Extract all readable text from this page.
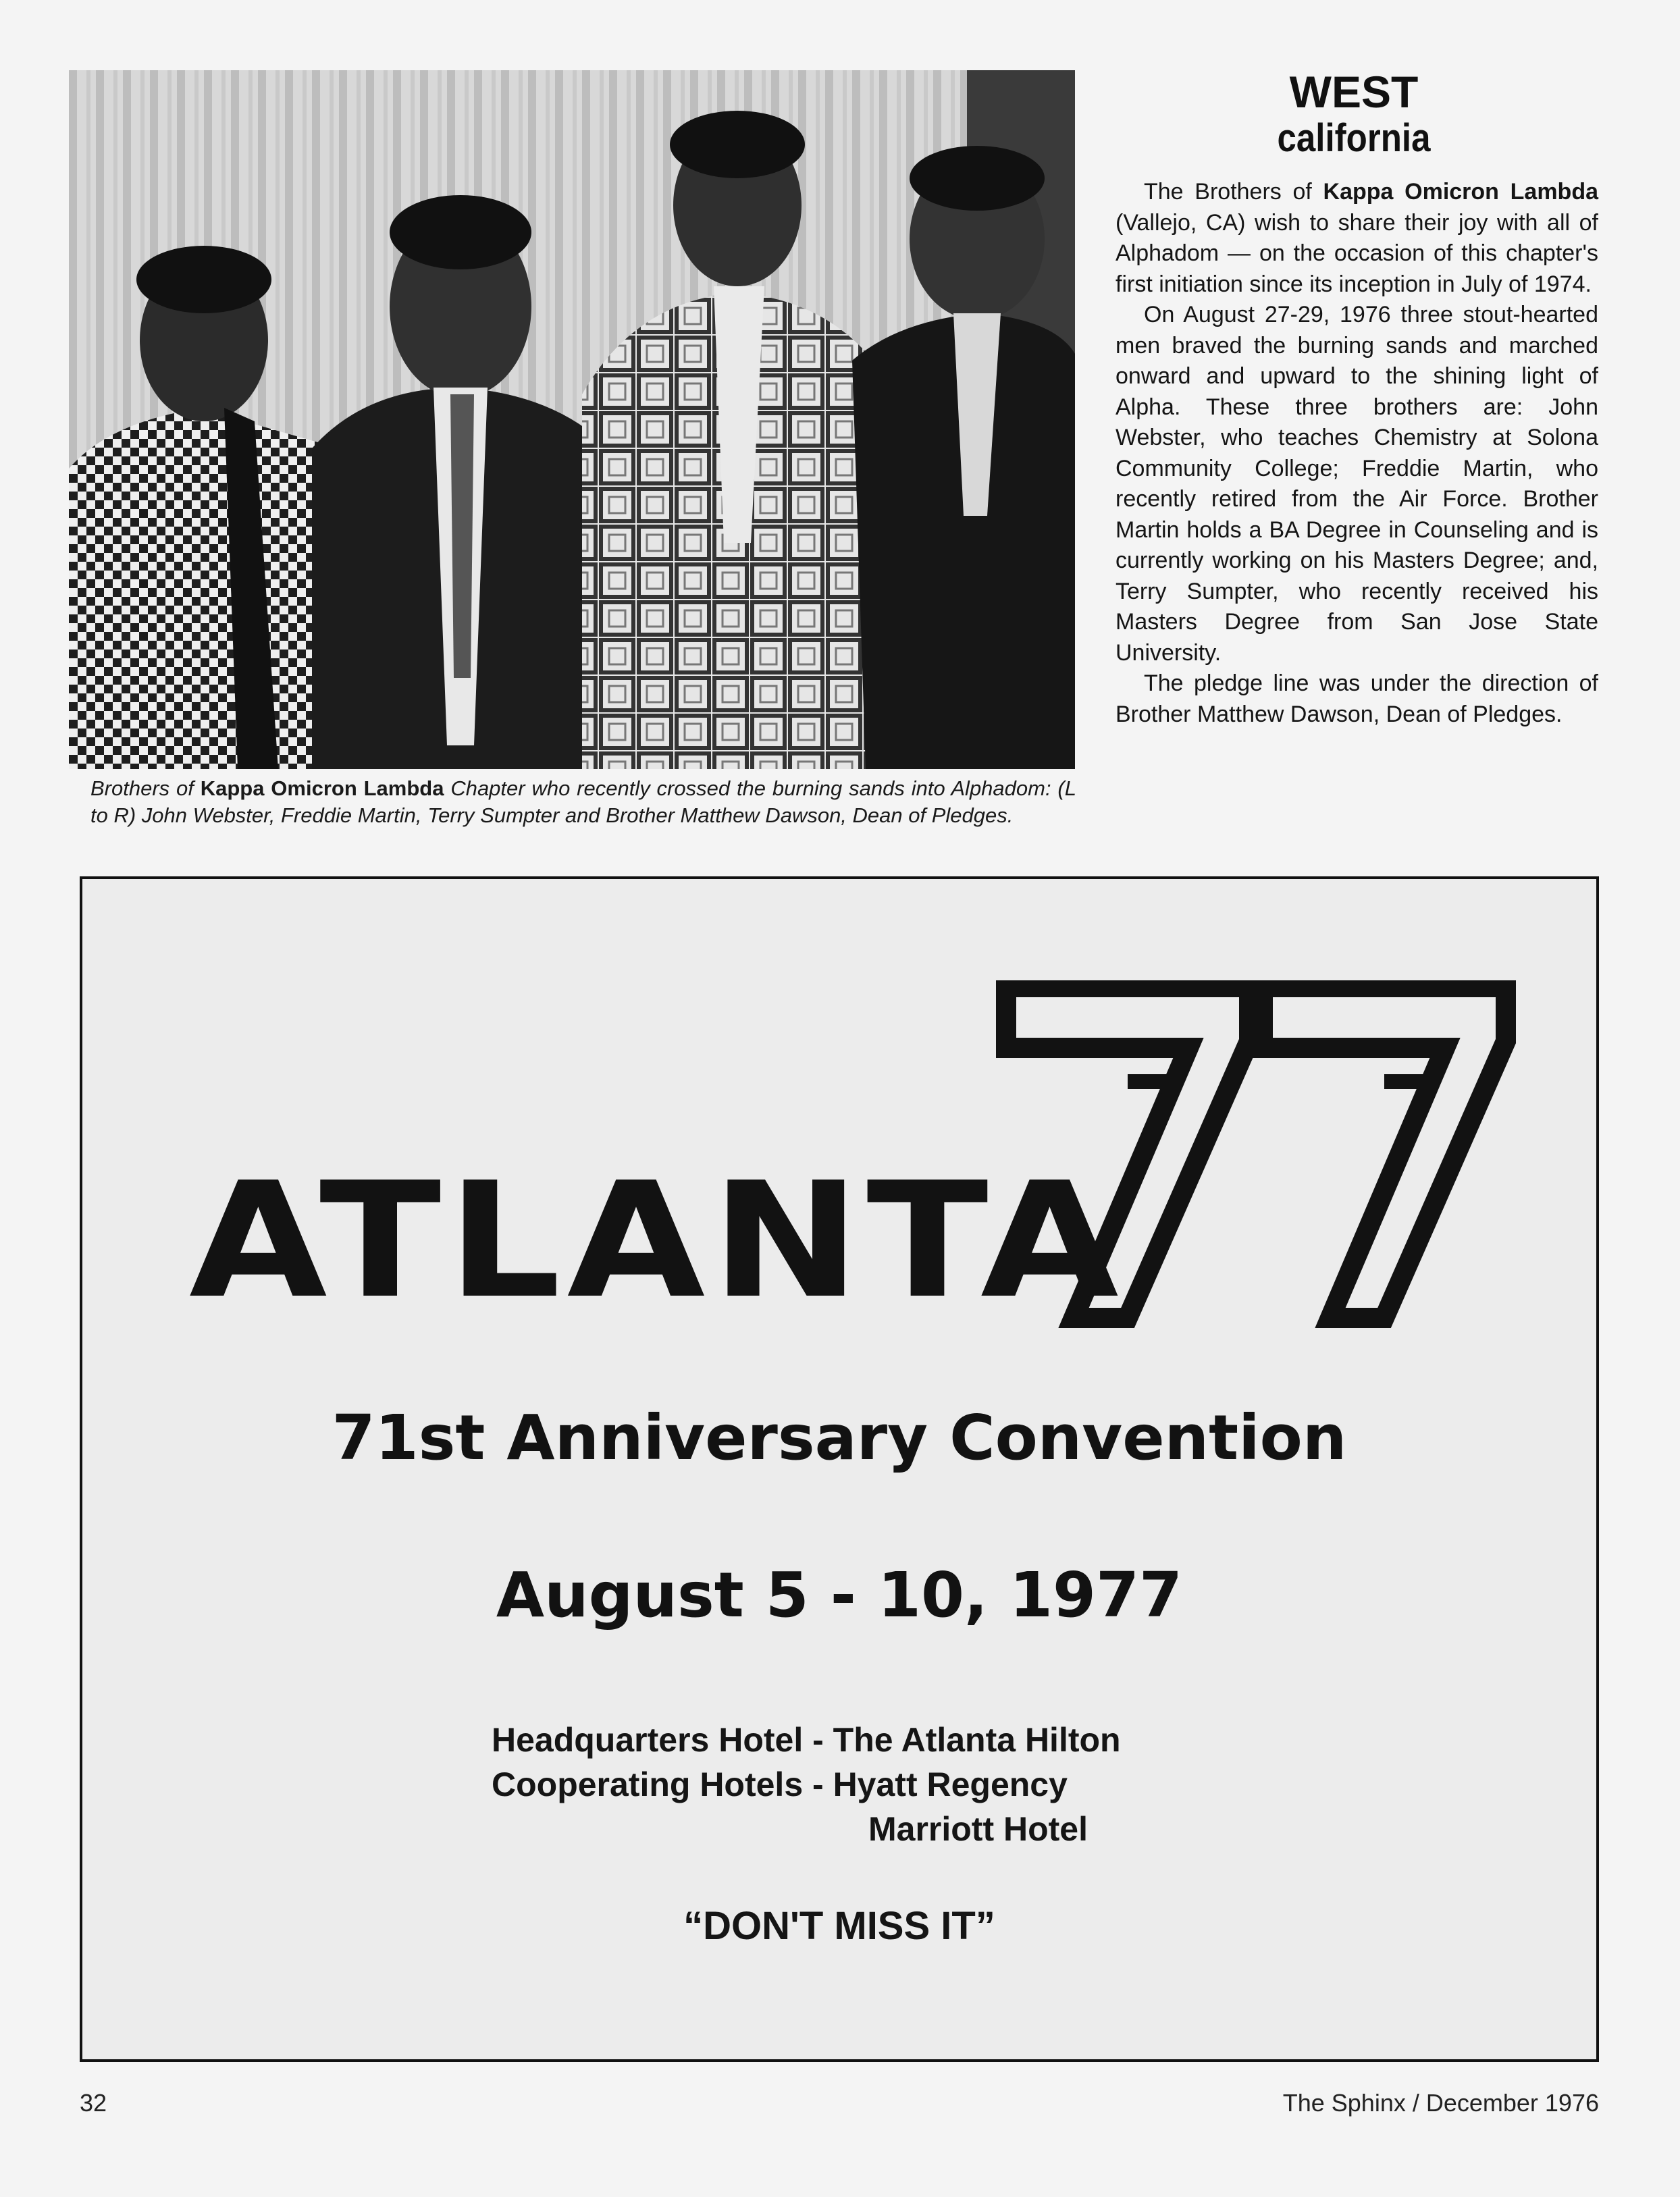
Brothers of Kappa Omicron Lambda Chapter who recently crossed the burning sands into Alphadom: (L to R) John Webster, Freddie Martin, Terry Sumpter and Brother Matthew Dawson, Dean of Pledges.
WEST
california

The Brothers of Kappa Omicron Lambda (Vallejo, CA) wish to share their joy with all of Alphadom — on the occasion of this chapter's first initiation since its inception in July of 1974.

On August 27-29, 1976 three stout-hearted men braved the burning sands and marched onward and upward to the shining light of Alpha. These three brothers are: John Webster, who teaches Chemistry at Solona Community College; Freddie Martin, who recently retired from the Air Force. Brother Martin holds a BA Degree in Counseling and is currently working on his Masters Degree; and, Terry Sumpter, who recently received his Masters Degree from San Jose State University.

The pledge line was under the direction of Brother Matthew Dawson, Dean of Pledges.

ATLANTA
71st Anniversary Convention
August 5 - 10, 1977
Headquarters Hotel - The Atlanta Hilton
Cooperating Hotels - Hyatt Regency
Marriott Hotel
“DON'T MISS IT”
32	The Sphinx / December 1976
